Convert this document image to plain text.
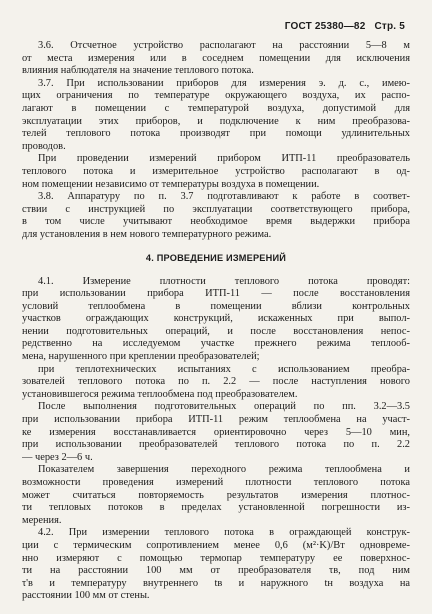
ГОСТ 25380—82 Стр. 5
3.6. Отсчетное устройство располагают на расстоянии 5—8 м
от места измерения или в соседнем помещении для исключения
влияния наблюдателя на значение теплового потока.
3.7. При использовании приборов для измерения э. д. с., имею-
щих ограничения по температуре окружающего воздуха, их распо-
лагают в помещении с температурой воздуха, допустимой для
эксплуатации этих приборов, и подключение к ним преобразова-
телей теплового потока производят при помощи удлинительных
проводов.
При проведении измерений прибором ИТП-11 преобразователь
теплового потока и измерительное устройство располагают в од-
ном помещении независимо от температуры воздуха в помещении.
3.8. Аппаратуру по п. 3.7 подготавливают к работе в соответ-
ствии с инструкцией по эксплуатации соответствующего прибора,
в том числе учитывают необходимое время выдержки прибора
для установления в нем нового температурного режима.
4. ПРОВЕДЕНИЕ ИЗМЕРЕНИЙ
4.1. Измерение плотности теплового потока проводят:
при использовании прибора ИТП-11 — после восстановления
условий теплообмена в помещении вблизи контрольных
участков ограждающих конструкций, искаженных при выпол-
нении подготовительных операций, и после восстановления непос-
редственно на исследуемом участке прежнего режима теплооб-
мена, нарушенного при креплении преобразователей;
при теплотехнических испытаниях с использованием преобра-
зователей теплового потока по п. 2.2 — после наступления нового
установившегося режима теплообмена под преобразователем.
После выполнения подготовительных операций по пп. 3.2—3.5
при использовании прибора ИТП-11 режим теплообмена на участ-
ке измерения восстанавливается ориентировочно через 5—10 мин,
при использовании преобразователей теплового потока по п. 2.2
— через 2—6 ч.
Показателем завершения переходного режима теплообмена и
возможности проведения измерений плотности теплового потока
может считаться повторяемость результатов измерения плотнос-
ти тепловых потоков в пределах установленной погрешности из-
мерения.
4.2. При измерении теплового потока в ограждающей конструк-
ции с термическим сопротивлением менее 0,6 (м²·K)/Вт одновреме-
нно измеряют с помощью термопар температуру ее поверхнос-
ти на расстоянии 100 мм от преобразователя τв, под ним
τ'в и температуру внутреннего tв и наружного tн воздуха на
расстоянии 100 мм от стены.
